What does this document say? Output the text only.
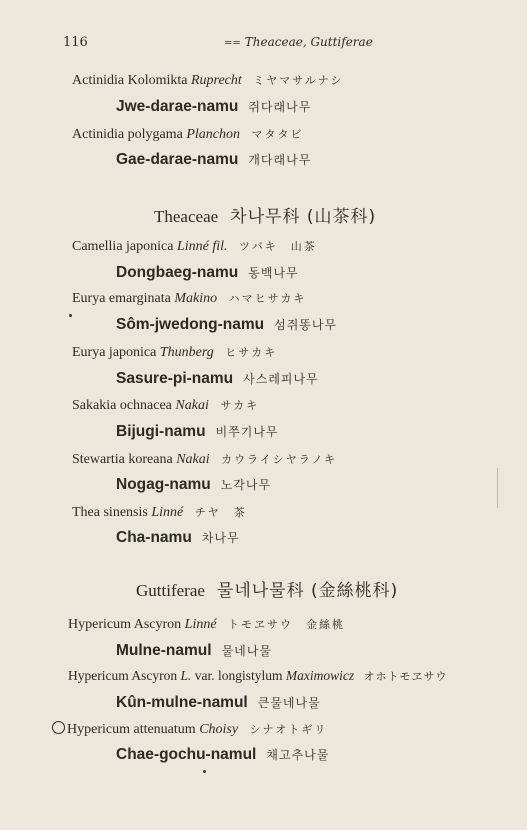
116	== Theaceae, Guttiferae
Actinidia Kolomikta Ruprecht ミヤマサルナシ
Jwe-darae-namu 쥐다래나무
Actinidia polygama Planchon マタタビ
Gae-darae-namu 개다래나무
Theaceae 차나무科 (山茶科)
Camellia japonica Linné fil. ツバキ　山茶
Dongbaeg-namu 동백나무
Eurya emarginata Makino ハマヒサカキ
Sôm-jwedong-namu 섬쥐똥나무
Eurya japonica Thunberg ヒサカキ
Sasure-pi-namu 사스레피나무
Sakakia ochnacea Nakai サカキ
Bijugi-namu 비쭈기나무
Stewartia koreana Nakai カウライシヤラノキ
Nogag-namu 노각나무
Thea sinensis Linné チヤ　茶
Cha-namu 차나무
Guttiferae 물네나물科 (金絲桃科)
Hypericum Ascyron Linné トモヱサウ　金絲桃
Mulne-namul 물네나물
Hypericum Ascyron L. var. longistylum Maximowicz オホトモヱサウ
Kûn-mulne-namul 큰물네나물
Hypericum attenuatum Choisy シナオトギリ
Chae-gochu-namul 채고추나물
